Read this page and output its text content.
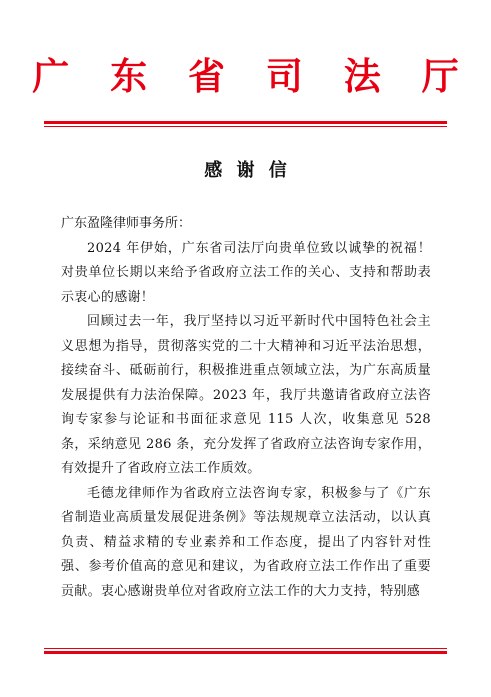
广 东 省 司 法 厅
感 谢 信

广东盈隆律师事务所：

2024 年伊始，广东省司法厅向贵单位致以诚挚的祝福！对贵单位长期以来给予省政府立法工作的关心、支持和帮助表示衷心的感谢！

回顾过去一年，我厅坚持以习近平新时代中国特色社会主义思想为指导，贯彻落实党的二十大精神和习近平法治思想，接续奋斗、砥砺前行，积极推进重点领域立法，为广东高质量发展提供有力法治保障。2023 年，我厅共邀请省政府立法咨询专家参与论证和书面征求意见 115 人次，收集意见 528 条，采纳意见 286 条，充分发挥了省政府立法咨询专家作用，有效提升了省政府立法工作质效。

毛德龙律师作为省政府立法咨询专家，积极参与了《广东省制造业高质量发展促进条例》等法规规章立法活动，以认真负责、精益求精的专业素养和工作态度，提出了内容针对性强、参考价值高的意见和建议，为省政府立法工作作出了重要贡献。衷心感谢贵单位对省政府立法工作的大力支持，特别感
